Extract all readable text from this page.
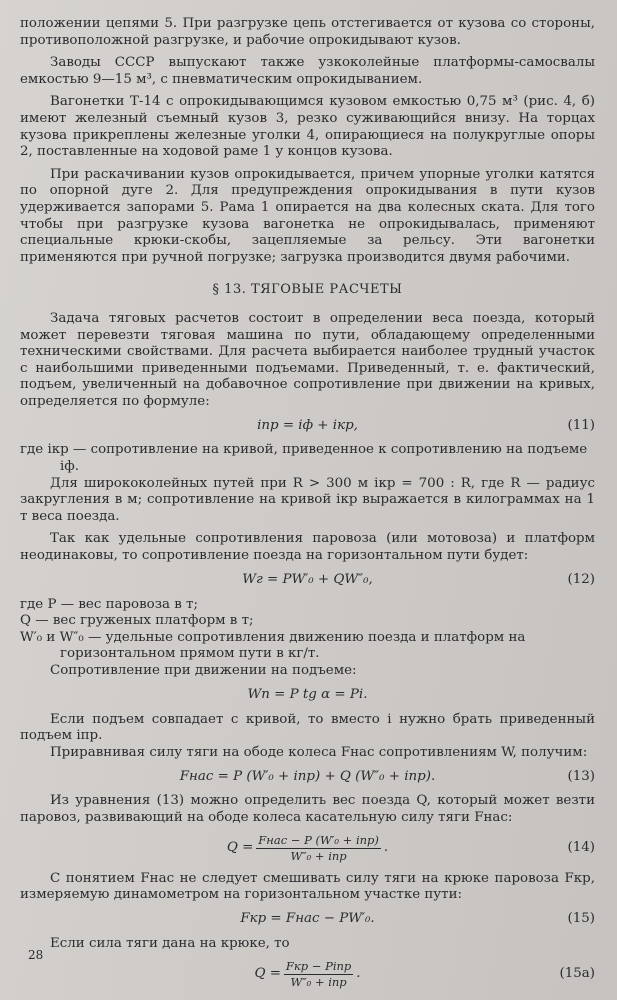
положении цепями 5. При разгрузке цепь отстегивается от кузова со стороны, противоположной разгрузке, и рабочие опрокидывают кузов.

Заводы СССР выпускают также узкоколейные платформы-самосвалы емкостью 9—15 м³, с пневматическим опрокидыванием.

Вагонетки Т-14 с опрокидывающимся кузовом емкостью 0,75 м³ (рис. 4, б) имеют железный съемный кузов 3, резко суживающийся внизу. На торцах кузова прикреплены железные уголки 4, опирающиеся на полукруглые опоры 2, поставленные на ходовой раме 1 у концов кузова.

При раскачивании кузов опрокидывается, причем упорные уголки катятся по опорной дуге 2. Для предупреждения опрокидывания в пути кузов удерживается запорами 5. Рама 1 опирается на два колесных ската. Для того чтобы при разгрузке кузова вагонетка не опрокидывалась, применяют специальные крюки-скобы, зацепляемые за рельсу. Эти вагонетки применяются при ручной погрузке; загрузка производится двумя рабочими.

§ 13. ТЯГОВЫЕ РАСЧЕТЫ

Задача тяговых расчетов состоит в определении веса поезда, который может перевезти тяговая машина по пути, обладающему определенными техническими свойствами. Для расчета выбирается наиболее трудный участок с наибольшими приведенными подъемами. Приведенный, т. е. фактический, подъем, увеличенный на добавочное сопротивление при движении на кривых, определяется по формуле:

iпр = iф + iкр,	(11)

где iкр — сопротивление на кривой, приведенное к сопротивлению на подъеме iф.

Для ширококолейных путей при R > 300 м iкр = 700 : R, где R — радиус закругления в м; сопротивление на кривой iкр выражается в килограммах на 1 т веса поезда.

Так как удельные сопротивления паровоза (или мотовоза) и платформ неодинаковы, то сопротивление поезда на горизонтальном пути будет:

Wг = PW′₀ + QW″₀,	(12)

где P — вес паровоза в т;

Q — вес груженых платформ в т;

W′₀ и W″₀ — удельные сопротивления движению поезда и платформ на горизонтальном прямом пути в кг/т.

Сопротивление при движении на подъеме:

Wп = P tg α = Pi.

Если подъем совпадает с кривой, то вместо i нужно брать приведенный подъем iпр.

Приравнивая силу тяги на ободе колеса Fнас сопротивлениям W, получим:

Fнас = P (W′₀ + iпр) + Q (W″₀ + iпр).	(13)

Из уравнения (13) можно определить вес поезда Q, который может везти паровоз, развивающий на ободе колеса касательную силу тяги Fнас:

$Q = \frac{\text{Fнас − P (W′₀ + iпр)}}{\text{W″₀ + iпр}}$ .	(14)

С понятием Fнас не следует смешивать силу тяги на крюке паровоза Fкр, измеряемую динамометром на горизонтальном участке пути:

Fкр = Fнас − PW′₀.	(15)

Если сила тяги дана на крюке, то

$Q = \frac{\text{Fкр − Piпр}}{\text{W″₀ + iпр}}$ .	(15а)
28
